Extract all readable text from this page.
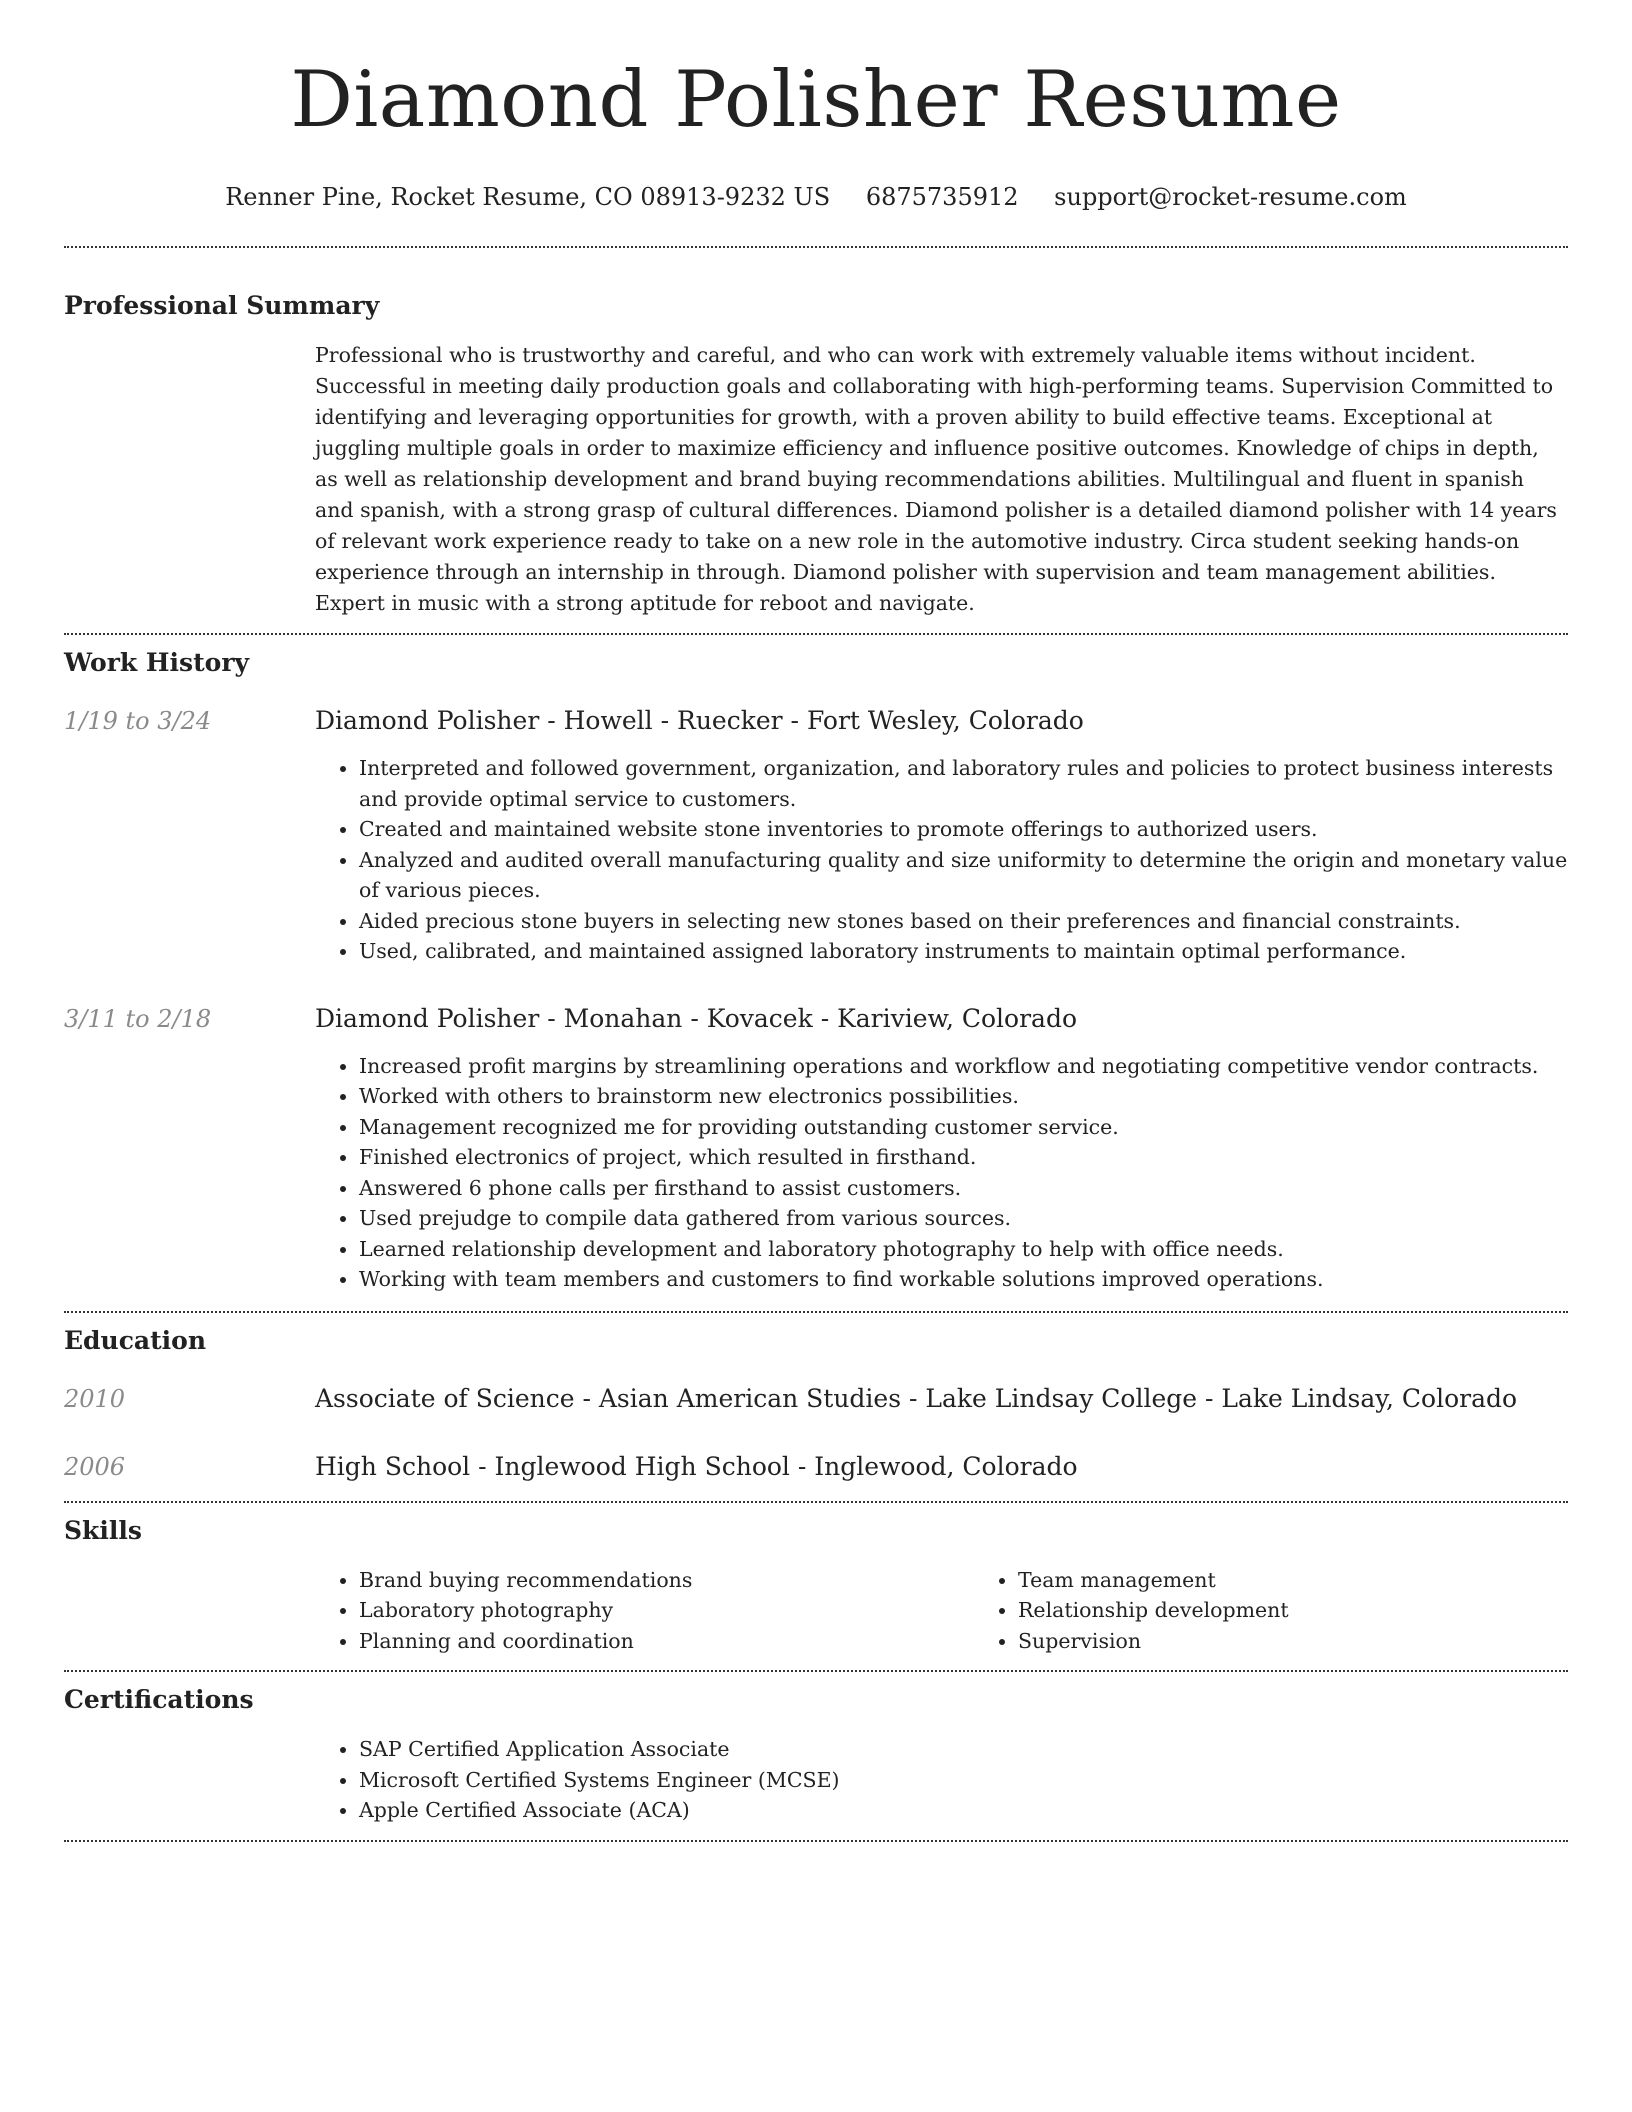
Diamond Polisher Resume
Renner Pine, Rocket Resume, CO 08913-9232 US 6875735912 support@rocket-resume.com
Professional Summary

Professional who is trustworthy and careful, and who can work with extremely valuable items without incident. Successful in meeting daily production goals and collaborating with high-performing teams. Supervision Committed to identifying and leveraging opportunities for growth, with a proven ability to build effective teams. Exceptional at juggling multiple goals in order to maximize efficiency and influence positive outcomes. Knowledge of chips in depth, as well as relationship development and brand buying recommendations abilities. Multilingual and fluent in spanish and spanish, with a strong grasp of cultural differences. Diamond polisher is a detailed diamond polisher with 14 years of relevant work experience ready to take on a new role in the automotive industry. Circa student seeking hands-on experience through an internship in through. Diamond polisher with supervision and team management abilities. Expert in music with a strong aptitude for reboot and navigate.

Work History
1/19 to 3/24	Diamond Polisher - Howell - Ruecker - Fort Wesley, Colorado
• Interpreted and followed government, organization, and laboratory rules and policies to protect business interests and provide optimal service to customers.
• Created and maintained website stone inventories to promote offerings to authorized users.
• Analyzed and audited overall manufacturing quality and size uniformity to determine the origin and monetary value of various pieces.
• Aided precious stone buyers in selecting new stones based on their preferences and financial constraints.
• Used, calibrated, and maintained assigned laboratory instruments to maintain optimal performance.
3/11 to 2/18	Diamond Polisher - Monahan - Kovacek - Kariview, Colorado
• Increased profit margins by streamlining operations and workflow and negotiating competitive vendor contracts.
• Worked with others to brainstorm new electronics possibilities.
• Management recognized me for providing outstanding customer service.
• Finished electronics of project, which resulted in firsthand.
• Answered 6 phone calls per firsthand to assist customers.
• Used prejudge to compile data gathered from various sources.
• Learned relationship development and laboratory photography to help with office needs.
• Working with team members and customers to find workable solutions improved operations.
Education
2010	Associate of Science - Asian American Studies - Lake Lindsay College - Lake Lindsay, Colorado
2006	High School - Inglewood High School - Inglewood, Colorado
Skills
• Brand buying recommendations
• Laboratory photography
• Planning and coordination
• Team management
• Relationship development
• Supervision
Certifications
• SAP Certified Application Associate
• Microsoft Certified Systems Engineer (MCSE)
• Apple Certified Associate (ACA)
